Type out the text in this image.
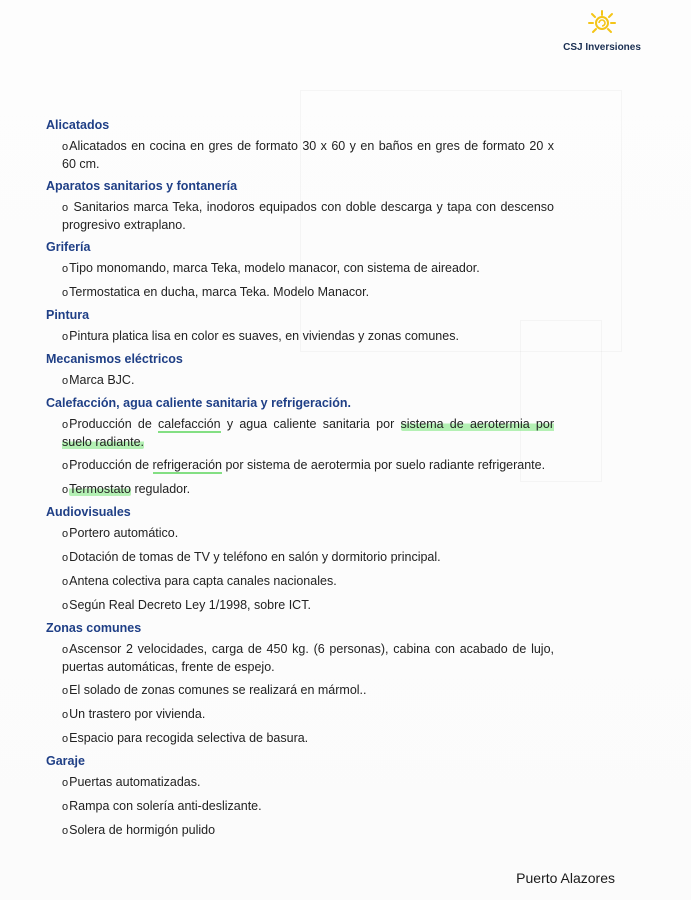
CSJ Inversiones
Alicatados
oAlicatados en cocina en gres de formato 30 x 60 y en baños en gres de formato 20 x 60 cm.
Aparatos sanitarios y fontanería
o Sanitarios marca Teka, inodoros equipados con doble descarga y tapa con descenso progresivo extraplano.
Grifería
oTipo monomando, marca Teka, modelo manacor, con sistema de aireador.
oTermostatica en ducha, marca Teka. Modelo Manacor.
Pintura
oPintura platica lisa en color es suaves, en viviendas y zonas comunes.
Mecanismos eléctricos
oMarca BJC.
Calefacción, agua caliente sanitaria y refrigeración.
oProducción de calefacción y agua caliente sanitaria por sistema de aerotermia por suelo radiante.
oProducción de refrigeración por sistema de aerotermia por suelo radiante refrigerante.
oTermostato regulador.
Audiovisuales
oPortero automático.
oDotación de tomas de TV y teléfono en salón y dormitorio principal.
oAntena colectiva para capta canales nacionales.
oSegún Real Decreto Ley 1/1998, sobre ICT.
Zonas comunes
oAscensor 2 velocidades, carga de 450 kg. (6 personas), cabina con acabado de lujo, puertas automáticas, frente de espejo.
oEl solado de zonas comunes se realizará en mármol..
oUn trastero por vivienda.
oEspacio para recogida selectiva de basura.
Garaje
oPuertas automatizadas.
oRampa con solería anti-deslizante.
oSolera de hormigón pulido
Puerto Alazores
